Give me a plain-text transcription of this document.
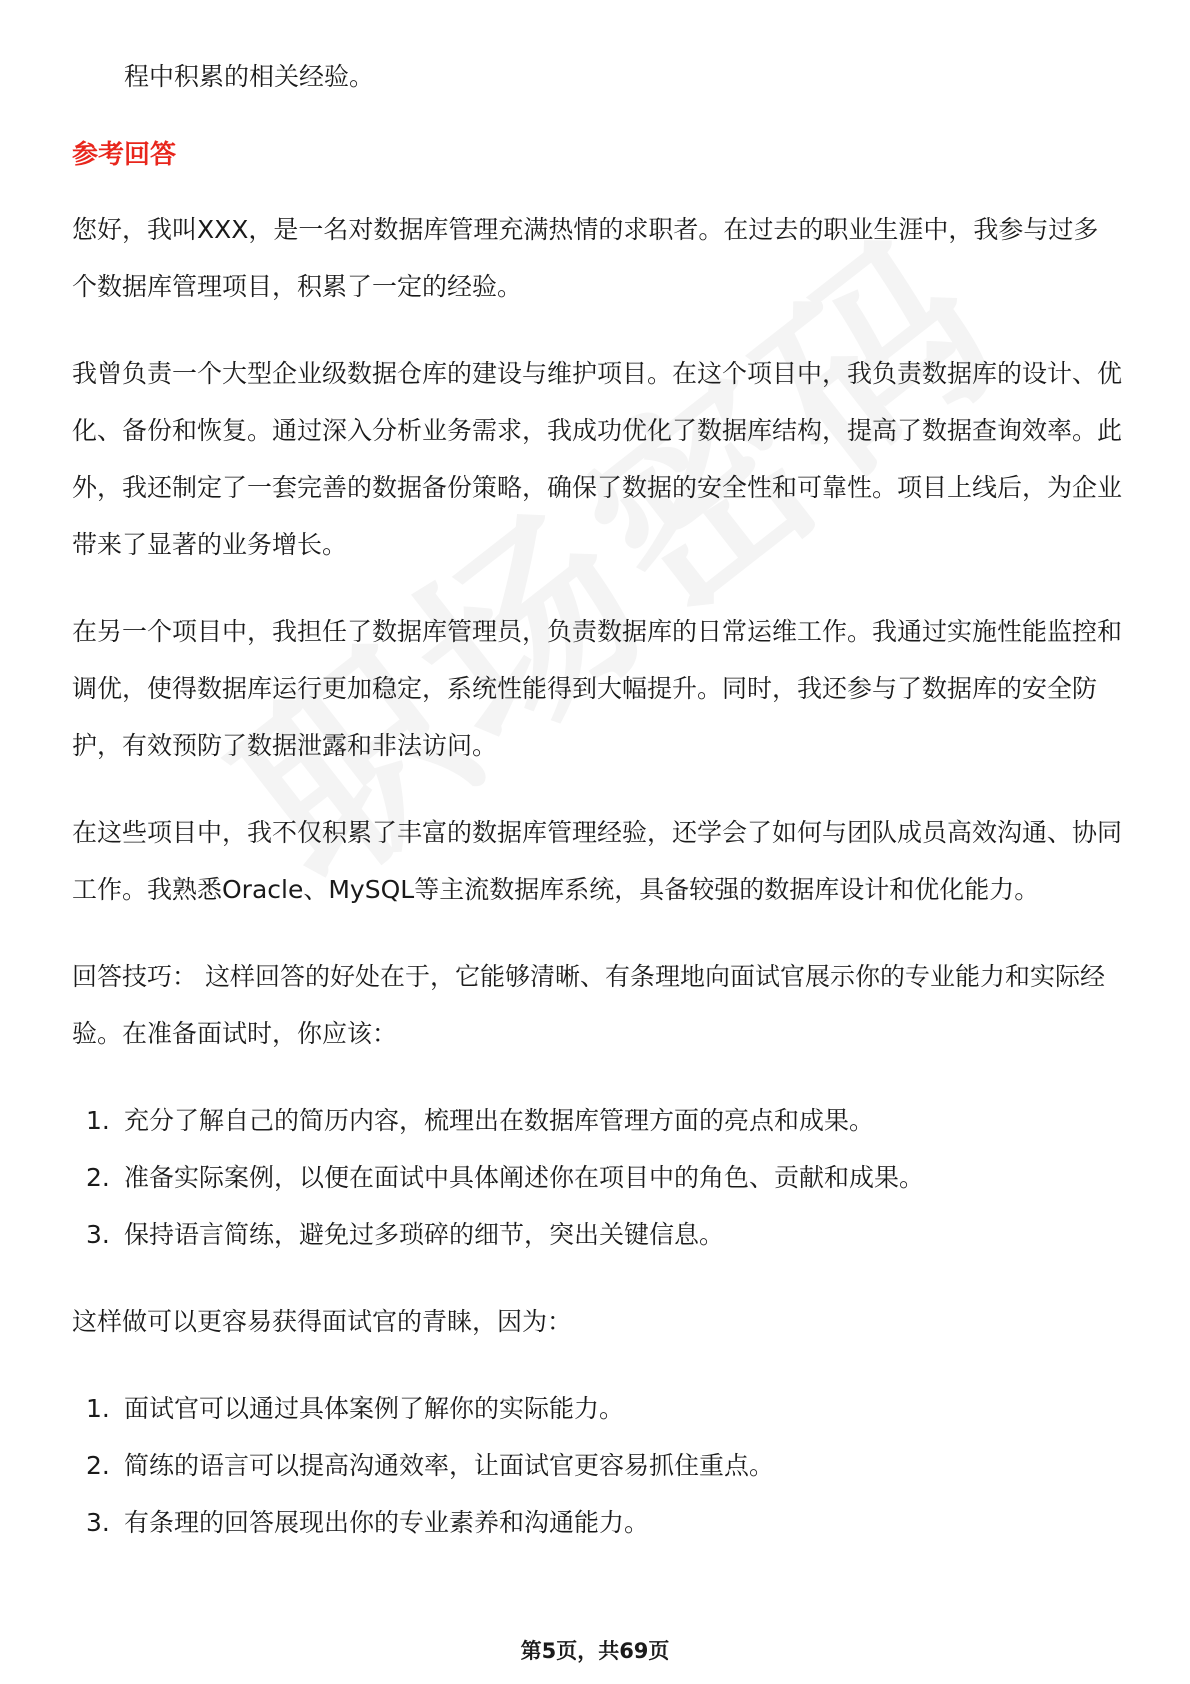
程中积累的相关经验。

参考回答

您好，我叫XXX，是一名对数据库管理充满热情的求职者。在过去的职业生涯中，我参与过多个数据库管理项目，积累了一定的经验。

我曾负责一个大型企业级数据仓库的建设与维护项目。在这个项目中，我负责数据库的设计、优化、备份和恢复。通过深入分析业务需求，我成功优化了数据库结构，提高了数据查询效率。此外，我还制定了一套完善的数据备份策略，确保了数据的安全性和可靠性。项目上线后，为企业带来了显著的业务增长。

在另一个项目中，我担任了数据库管理员，负责数据库的日常运维工作。我通过实施性能监控和调优，使得数据库运行更加稳定，系统性能得到大幅提升。同时，我还参与了数据库的安全防护，有效预防了数据泄露和非法访问。

在这些项目中，我不仅积累了丰富的数据库管理经验，还学会了如何与团队成员高效沟通、协同工作。我熟悉Oracle、MySQL等主流数据库系统，具备较强的数据库设计和优化能力。

回答技巧： 这样回答的好处在于，它能够清晰、有条理地向面试官展示你的专业能力和实际经验。在准备面试时，你应该：

1. 充分了解自己的简历内容，梳理出在数据库管理方面的亮点和成果。
2. 准备实际案例，以便在面试中具体阐述你在项目中的角色、贡献和成果。
3. 保持语言简练，避免过多琐碎的细节，突出关键信息。

这样做可以更容易获得面试官的青睐，因为：

1. 面试官可以通过具体案例了解你的实际能力。
2. 简练的语言可以提高沟通效率，让面试官更容易抓住重点。
3. 有条理的回答展现出你的专业素养和沟通能力。
第5页，共69页
